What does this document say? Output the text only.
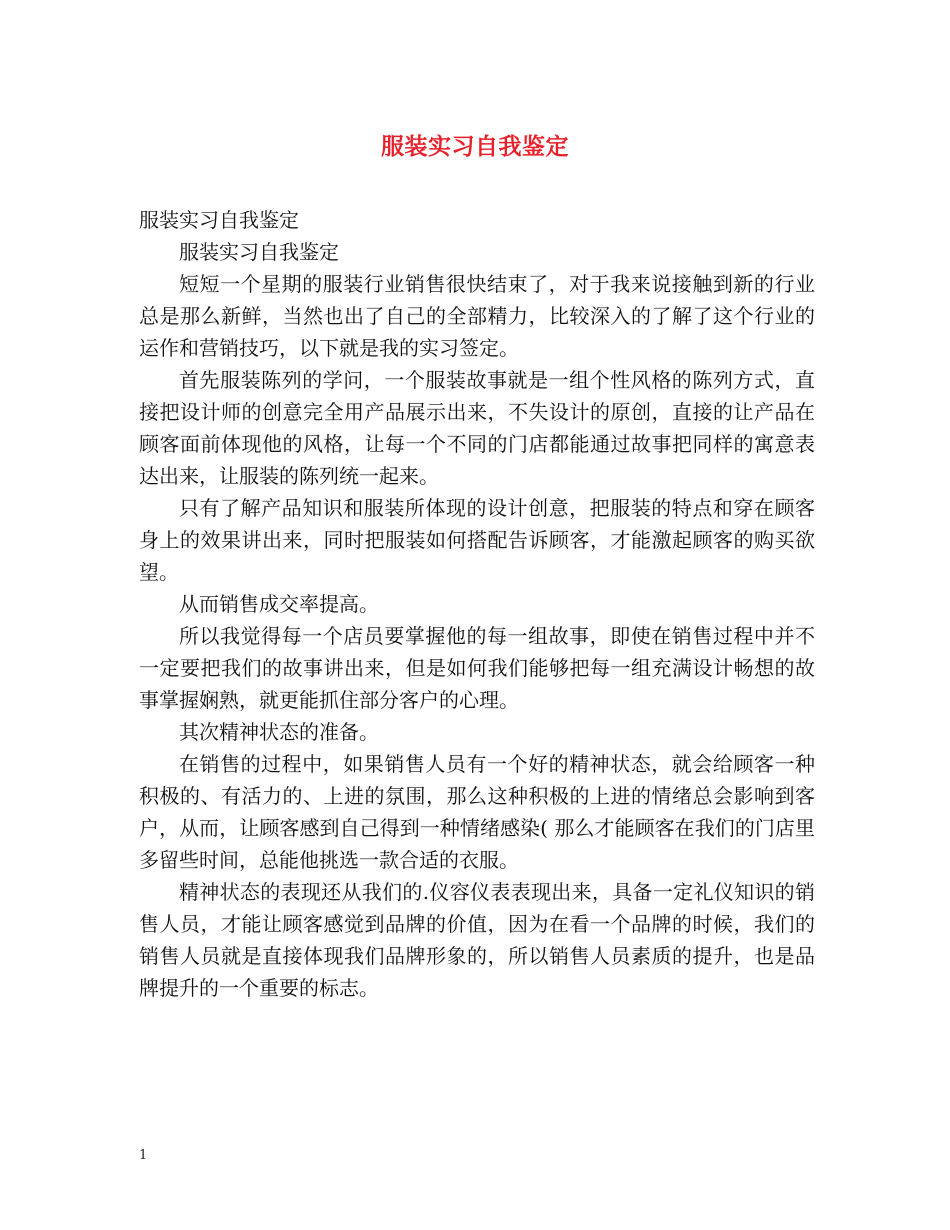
服装实习自我鉴定

服装实习自我鉴定

服装实习自我鉴定

短短一个星期的服装行业销售很快结束了，对于我来说接触到新的行业总是那么新鲜，当然也出了自己的全部精力，比较深入的了解了这个行业的运作和营销技巧，以下就是我的实习签定。

首先服装陈列的学问，一个服装故事就是一组个性风格的陈列方式，直接把设计师的创意完全用产品展示出来，不失设计的原创，直接的让产品在顾客面前体现他的风格，让每一个不同的门店都能通过故事把同样的寓意表达出来，让服装的陈列统一起来。

只有了解产品知识和服装所体现的设计创意，把服装的特点和穿在顾客身上的效果讲出来，同时把服装如何搭配告诉顾客，才能激起顾客的购买欲望。

从而销售成交率提高。

所以我觉得每一个店员要掌握他的每一组故事，即使在销售过程中并不一定要把我们的故事讲出来，但是如何我们能够把每一组充满设计畅想的故事掌握娴熟，就更能抓住部分客户的心理。

其次精神状态的准备。

在销售的过程中，如果销售人员有一个好的精神状态，就会给顾客一种积极的、有活力的、上进的氛围，那么这种积极的上进的情绪总会影响到客户，从而，让顾客感到自己得到一种情绪感染( 那么才能顾客在我们的门店里多留些时间，总能他挑选一款合适的衣服。

精神状态的表现还从我们的.仪容仪表表现出来，具备一定礼仪知识的销售人员，才能让顾客感觉到品牌的价值，因为在看一个品牌的时候，我们的销售人员就是直接体现我们品牌形象的，所以销售人员素质的提升，也是品牌提升的一个重要的标志。

1
